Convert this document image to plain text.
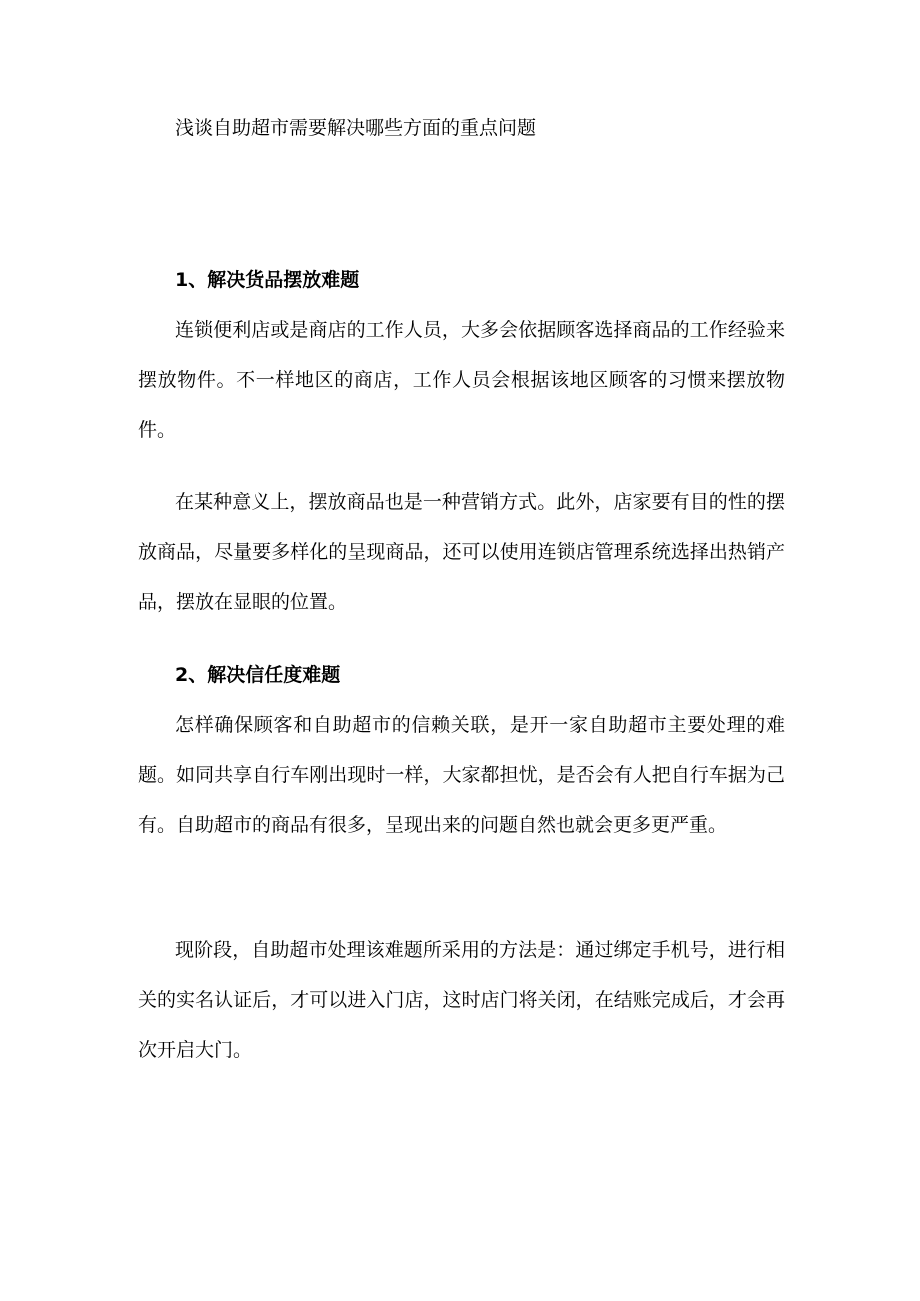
浅谈自助超市需要解决哪些方面的重点问题
1、解决货品摆放难题

连锁便利店或是商店的工作人员，大多会依据顾客选择商品的工作经验来摆放物件。不一样地区的商店，工作人员会根据该地区顾客的习惯来摆放物件。

在某种意义上，摆放商品也是一种营销方式。此外，店家要有目的性的摆放商品，尽量要多样化的呈现商品，还可以使用连锁店管理系统选择出热销产品，摆放在显眼的位置。

2、解决信任度难题

怎样确保顾客和自助超市的信赖关联，是开一家自助超市主要处理的难题。如同共享自行车刚出现时一样，大家都担忧，是否会有人把自行车据为己有。自助超市的商品有很多，呈现出来的问题自然也就会更多更严重。

现阶段，自助超市处理该难题所采用的方法是：通过绑定手机号，进行相关的实名认证后，才可以进入门店，这时店门将关闭，在结账完成后，才会再次开启大门。
